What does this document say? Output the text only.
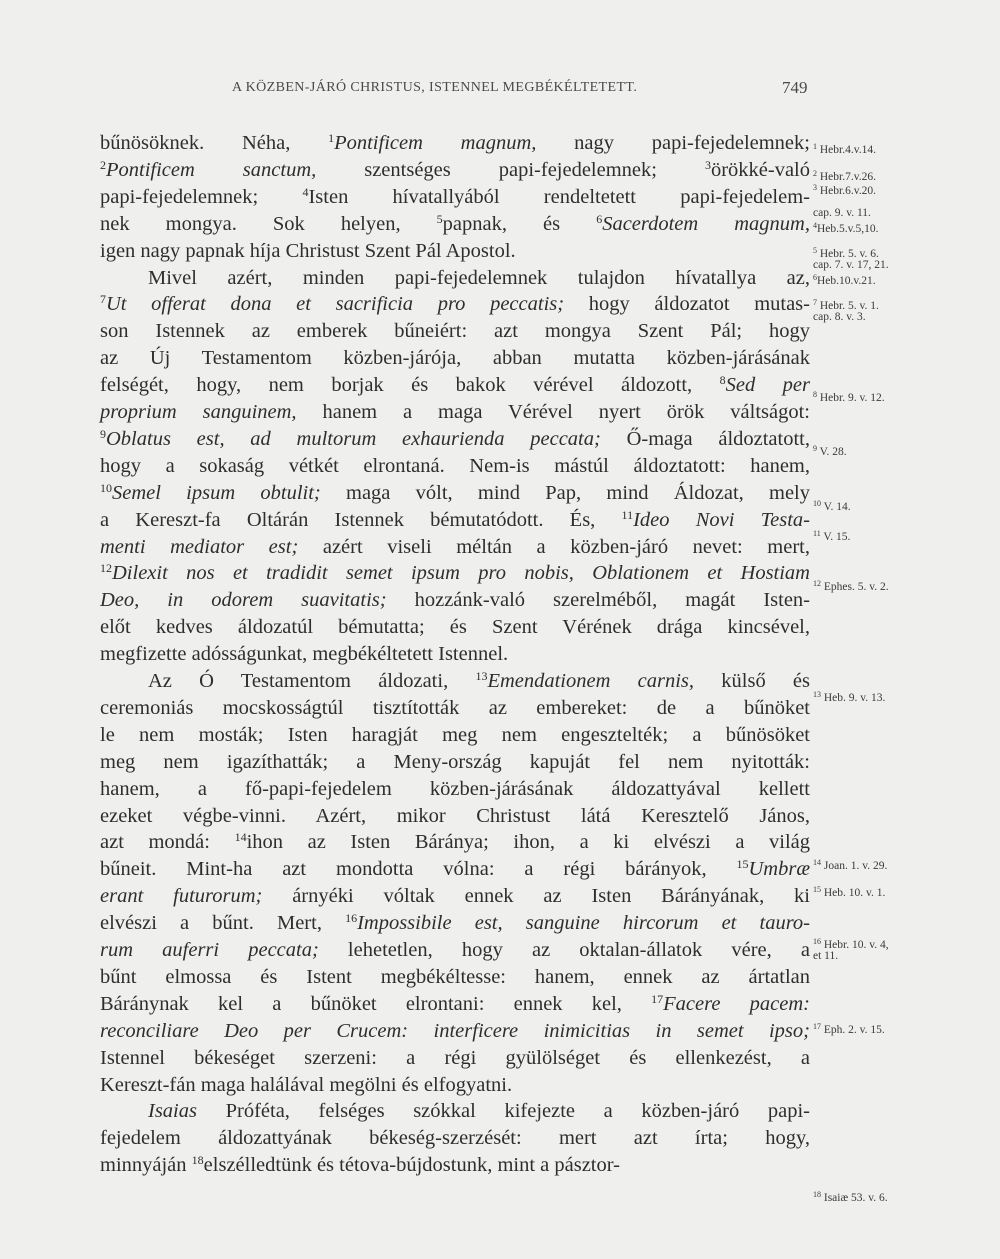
A KÖZBEN-JÁRÓ CHRISTUS, ISTENNEL MEGBÉKÉLTETETT.	749
bűnösöknek. Néha, $^1$Pontificem magnum, nagy papi-fejedelemnek;
$^2$Pontificem sanctum, szentséges papi-fejedelemnek; $^3$örökké-való
papi-fejedelemnek; $^4$Isten hívatallyából rendeltetett papi-fejedelem-
nek mongya. Sok helyen, $^5$papnak, és $^6$Sacerdotem magnum,
igen nagy papnak híja Christust Szent Pál Apostol.
Mivel azért, minden papi-fejedelemnek tulajdon hívatallya az,
$^7$Ut offerat dona et sacrificia pro peccatis; hogy áldozatot mutas-
son Istennek az emberek bűneiért: azt mongya Szent Pál; hogy
az Új Testamentom közben-járója, abban mutatta közben-járásának
felségét, hogy, nem borjak és bakok vérével áldozott, $^8$Sed per
proprium sanguinem, hanem a maga Vérével nyert örök váltságot:
$^9$Oblatus est, ad multorum exhaurienda peccata; Ő-maga áldoztatott,
hogy a sokaság vétkét elrontaná. Nem-is mástúl áldoztatott: hanem,
$^{10}$Semel ipsum obtulit; maga vólt, mind Pap, mind Áldozat, mely
a Kereszt-fa Oltárán Istennek bémutatódott. És, $^{11}$Ideo Novi Testa-
menti mediator est; azért viseli méltán a közben-járó nevet: mert,
$^{12}$Dilexit nos et tradidit semet ipsum pro nobis, Oblationem et Hostiam
Deo, in odorem suavitatis; hozzánk-való szerelméből, magát Isten-
előt kedves áldozatúl bémutatta; és Szent Vérének drága kincsével,
megfizette adósságunkat, megbékéltetett Istennel.
Az Ó Testamentom áldozati, $^{13}$Emendationem carnis, külső és
ceremoniás mocskosságtúl tisztították az embereket: de a bűnöket
le nem mosták; Isten haragját meg nem engesztelték; a bűnösöket
meg nem igazíthatták; a Meny-ország kapuját fel nem nyitották:
hanem, a fő-papi-fejedelem közben-járásának áldozattyával kellett
ezeket végbe-vinni. Azért, mikor Christust látá Keresztelő János,
azt mondá: $^{14}$ihon az Isten Báránya; ihon, a ki elvészi a világ
bűneit. Mint-ha azt mondotta vólna: a régi bárányok, $^{15}$Umbræ
erant futurorum; árnyéki vóltak ennek az Isten Bárányának, ki
elvészi a bűnt. Mert, $^{16}$Impossibile est, sanguine hircorum et tauro-
rum auferri peccata; lehetetlen, hogy az oktalan-állatok vére, a
bűnt elmossa és Istent megbékéltesse: hanem, ennek az ártatlan
Báránynak kel a bűnöket elrontani: ennek kel, $^{17}$Facere pacem:
reconciliare Deo per Crucem: interficere inimicitias in semet ipso;
Istennel békeséget szerzeni: a régi gyülölséget és ellenkezést, a
Kereszt-fán maga halálával megölni és elfogyatni.
Isaias Próféta, felséges szókkal kifejezte a közben-járó papi-
fejedelem áldozattyának békeség-szerzését: mert azt írta; hogy,
minnyáján $^{18}$elszélledtünk és tétova-bújdostunk, mint a pásztor-
$^1$ Hebr.4.v.14.
$^2$ Hebr.7.v.26.
$^3$ Hebr.6.v.20.
cap. 9. v. 11.
$^4$Heb.5.v.5,10.
$^5$ Hebr. 5. v. 6.
cap. 7. v. 17, 21.
$^6$Heb.10.v.21.
$^7$ Hebr. 5. v. 1.
cap. 8. v. 3.
$^8$ Hebr. 9. v. 12.
$^9$ V. 28.
$^{10}$ V. 14.
$^{11}$ V. 15.
$^{12}$ Ephes. 5. v. 2.
$^{13}$ Heb. 9. v. 13.
$^{14}$ Joan. 1. v. 29.
$^{15}$ Heb. 10. v. 1.
$^{16}$ Hebr. 10. v. 4,
et 11.
$^{17}$ Eph. 2. v. 15.
$^{18}$ Isaiæ 53. v. 6.
